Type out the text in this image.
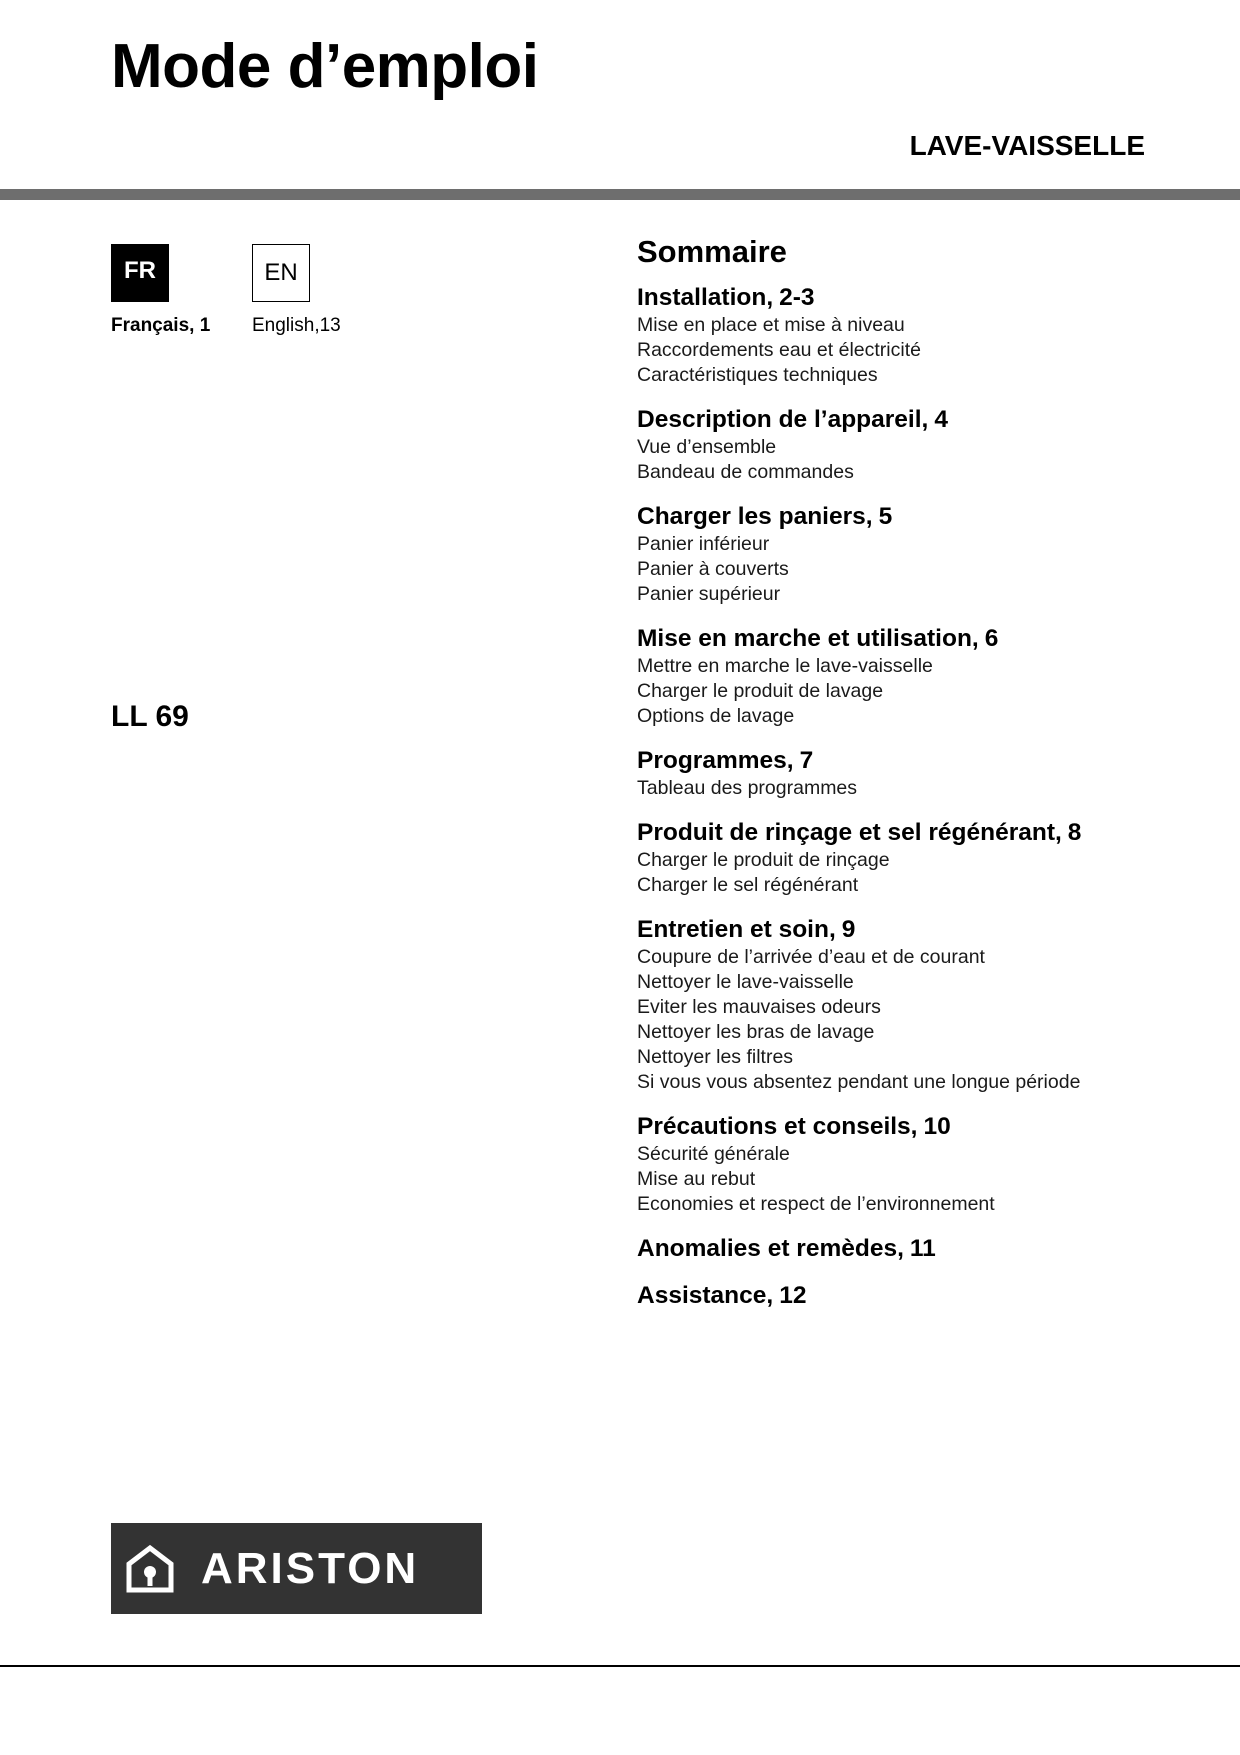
Mode d’emploi
LAVE-VAISSELLE
FR	EN
Français, 1 English,13
LL 69
Sommaire
Installation, 2-3
Mise en place et mise à niveau
Raccordements eau et électricité
Caractéristiques techniques
Description de l’appareil, 4
Vue d’ensemble
Bandeau de commandes
Charger les paniers, 5
Panier inférieur
Panier à couverts
Panier supérieur
Mise en marche et utilisation, 6
Mettre en marche le lave-vaisselle
Charger le produit de lavage
Options de lavage
Programmes, 7
Tableau des programmes
Produit de rinçage et sel régénérant, 8
Charger le produit de rinçage
Charger le sel régénérant
Entretien et soin, 9
Coupure de l’arrivée d’eau et de courant
Nettoyer le lave-vaisselle
Eviter les mauvaises odeurs
Nettoyer les bras de lavage
Nettoyer les filtres
Si vous vous absentez pendant une longue période
Précautions et conseils, 10
Sécurité générale
Mise au rebut
Economies et respect de l’environnement
Anomalies et remèdes, 11
Assistance, 12
ARISTON
